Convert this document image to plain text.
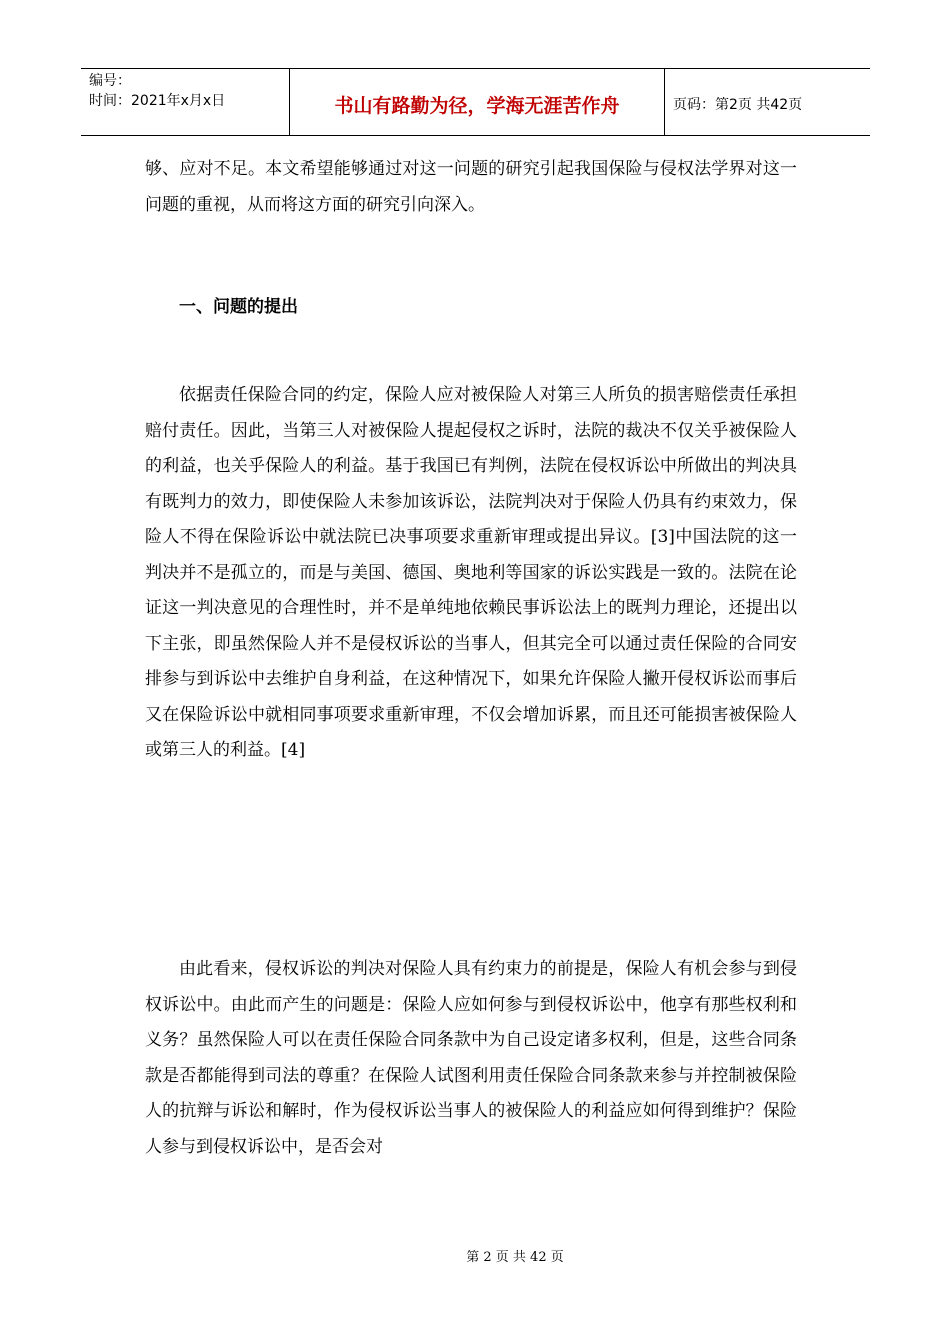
编号：
时间：2021年x月x日	书山有路勤为径，学海无涯苦作舟	页码：第2页 共42页

够、应对不足。本文希望能够通过对这一问题的研究引起我国保险与侵权法学界对这一问题的重视，从而将这方面的研究引向深入。

一、问题的提出

依据责任保险合同的约定，保险人应对被保险人对第三人所负的损害赔偿责任承担赔付责任。因此，当第三人对被保险人提起侵权之诉时，法院的裁决不仅关乎被保险人的利益，也关乎保险人的利益。基于我国已有判例，法院在侵权诉讼中所做出的判决具有既判力的效力，即使保险人未参加该诉讼，法院判决对于保险人仍具有约束效力，保险人不得在保险诉讼中就法院已决事项要求重新审理或提出异议。[3]中国法院的这一判决并不是孤立的，而是与美国、德国、奥地利等国家的诉讼实践是一致的。法院在论证这一判决意见的合理性时，并不是单纯地依赖民事诉讼法上的既判力理论，还提出以下主张，即虽然保险人并不是侵权诉讼的当事人，但其完全可以通过责任保险的合同安排参与到诉讼中去维护自身利益，在这种情况下，如果允许保险人撇开侵权诉讼而事后又在保险诉讼中就相同事项要求重新审理，不仅会增加诉累，而且还可能损害被保险人或第三人的利益。[4]

由此看来，侵权诉讼的判决对保险人具有约束力的前提是，保险人有机会参与到侵权诉讼中。由此而产生的问题是：保险人应如何参与到侵权诉讼中，他享有那些权利和义务？虽然保险人可以在责任保险合同条款中为自己设定诸多权利，但是，这些合同条款是否都能得到司法的尊重？在保险人试图利用责任保险合同条款来参与并控制被保险人的抗辩与诉讼和解时，作为侵权诉讼当事人的被保险人的利益应如何得到维护？保险人参与到侵权诉讼中，是否会对

第 2 页 共 42 页
